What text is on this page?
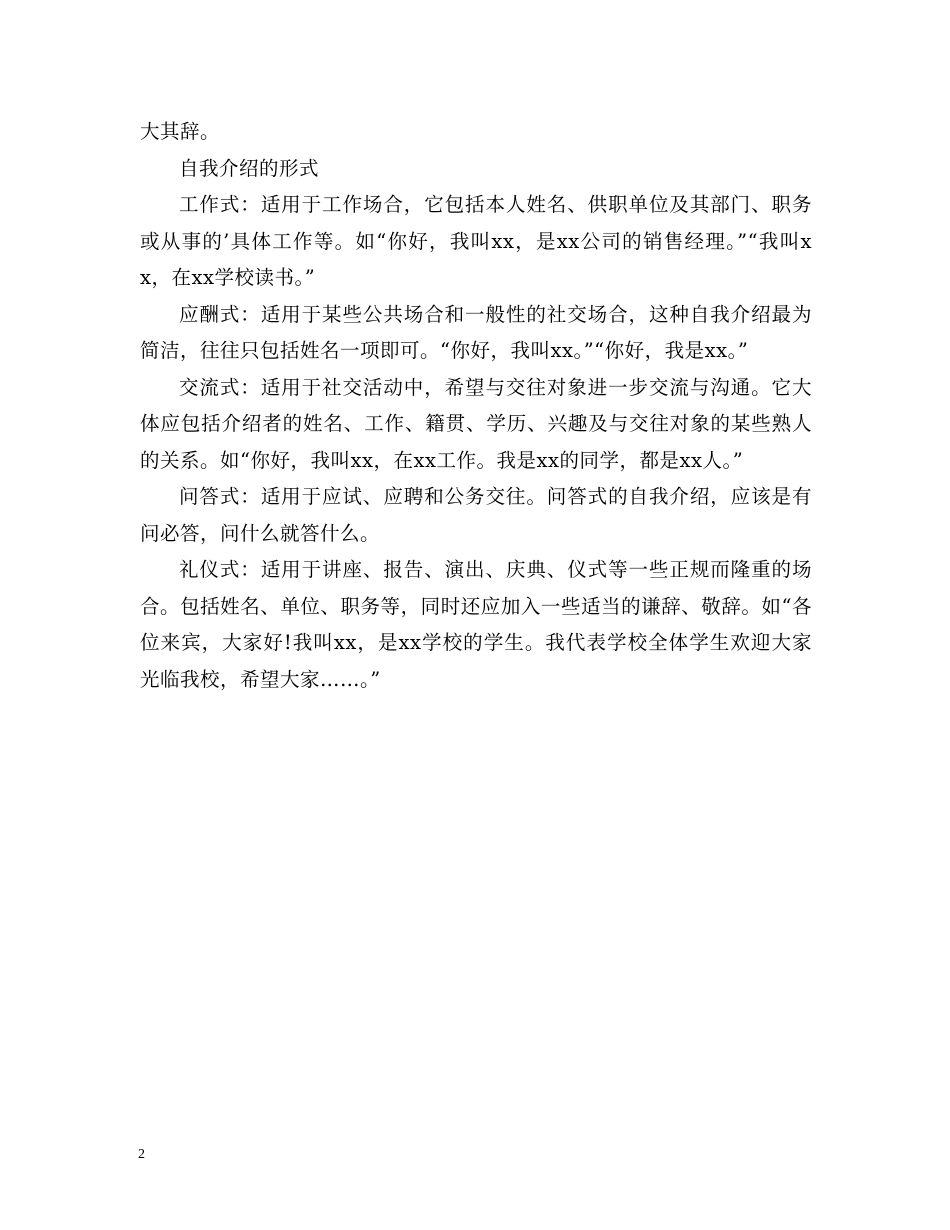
大其辞。

自我介绍的形式

工作式：适用于工作场合，它包括本人姓名、供职单位及其部门、职务或从事的’具体工作等。如“你好，我叫xx，是xx公司的销售经理。”“我叫xx，在xx学校读书。”

应酬式：适用于某些公共场合和一般性的社交场合，这种自我介绍最为简洁，往往只包括姓名一项即可。“你好，我叫xx。”“你好，我是xx。”

交流式：适用于社交活动中，希望与交往对象进一步交流与沟通。它大体应包括介绍者的姓名、工作、籍贯、学历、兴趣及与交往对象的某些熟人的关系。如“你好，我叫xx，在xx工作。我是xx的同学，都是xx人。”

问答式：适用于应试、应聘和公务交往。问答式的自我介绍，应该是有问必答，问什么就答什么。

礼仪式：适用于讲座、报告、演出、庆典、仪式等一些正规而隆重的场合。包括姓名、单位、职务等，同时还应加入一些适当的谦辞、敬辞。如“各位来宾，大家好!我叫xx，是xx学校的学生。我代表学校全体学生欢迎大家光临我校，希望大家……。”

2
